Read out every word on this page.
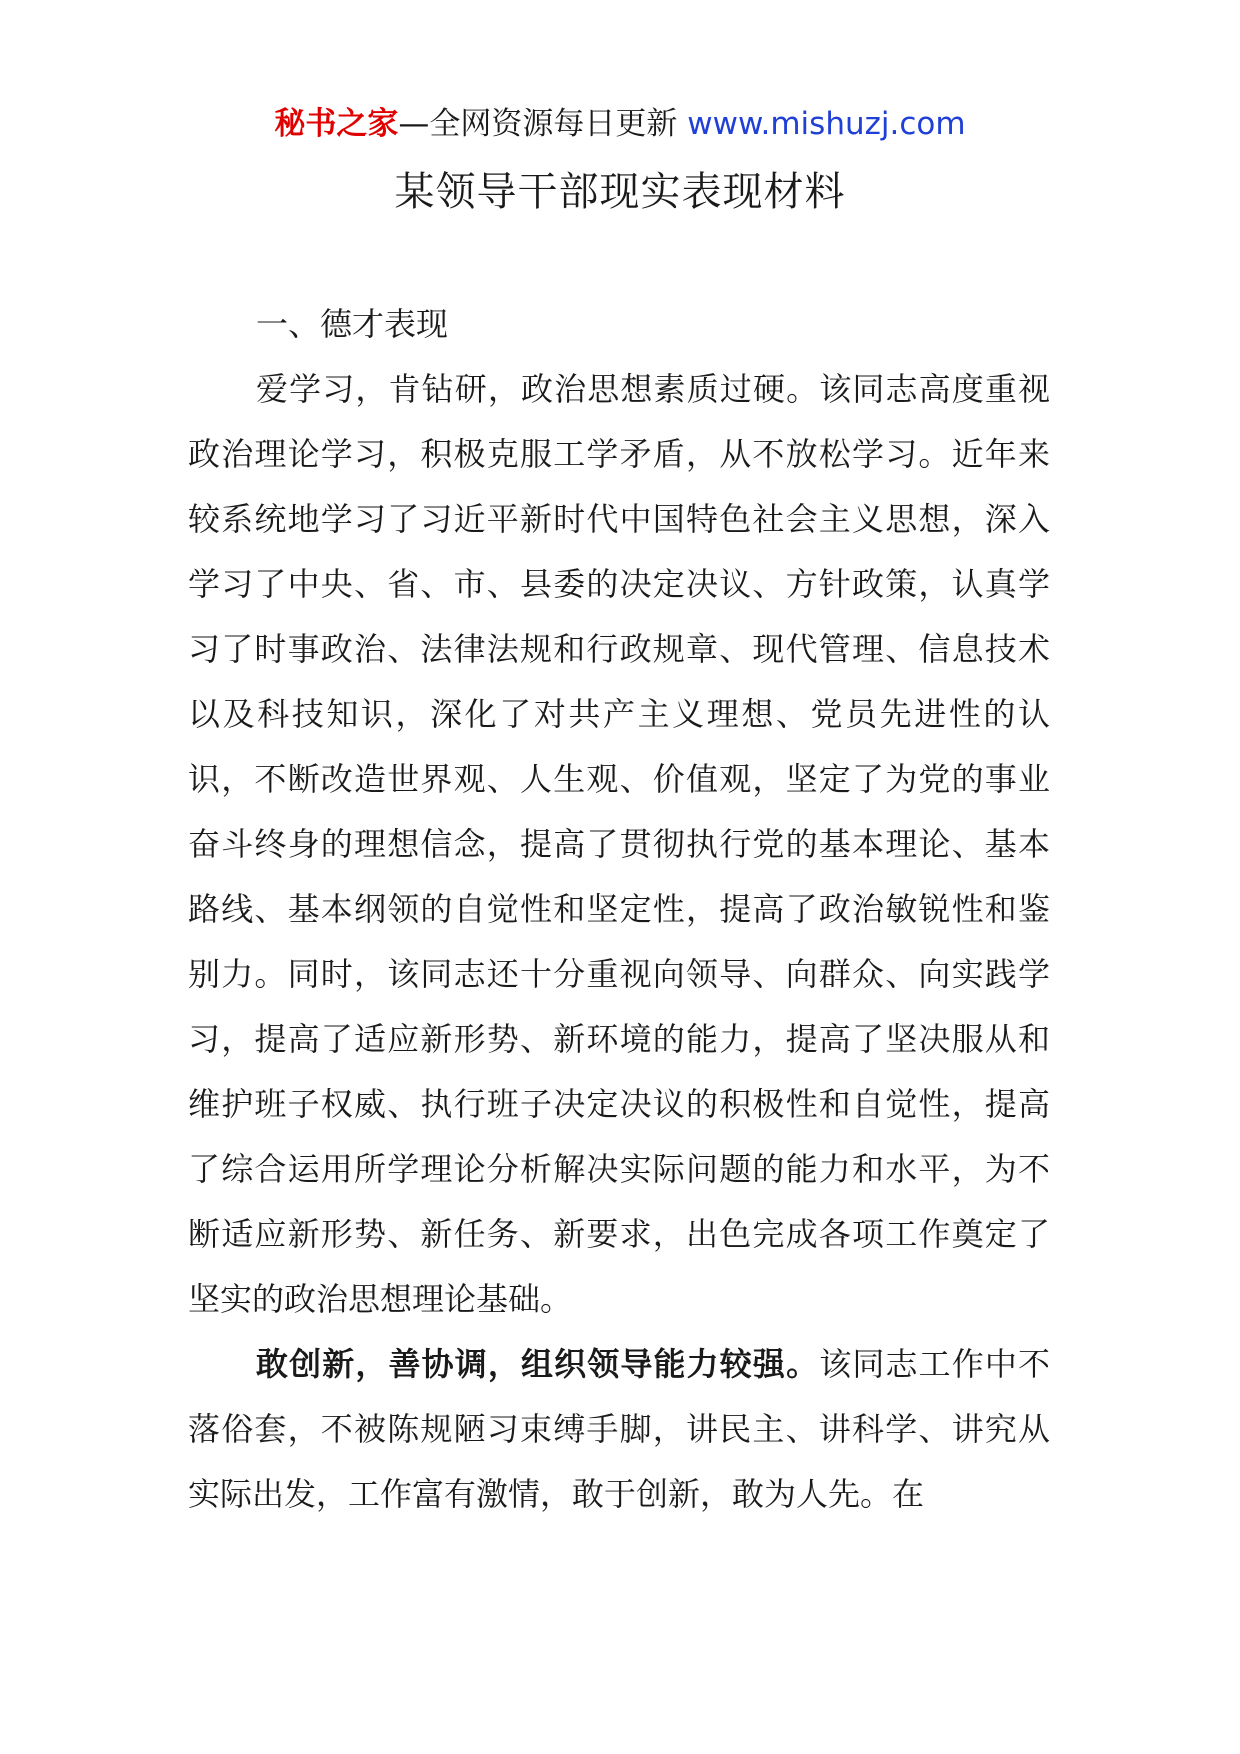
秘书之家—全网资源每日更新 www.mishuzj.com
某领导干部现实表现材料
一、德才表现

爱学习，肯钻研，政治思想素质过硬。该同志高度重视政治理论学习，积极克服工学矛盾，从不放松学习。近年来较系统地学习了习近平新时代中国特色社会主义思想，深入学习了中央、省、市、县委的决定决议、方针政策，认真学习了时事政治、法律法规和行政规章、现代管理、信息技术以及科技知识，深化了对共产主义理想、党员先进性的认识，不断改造世界观、人生观、价值观，坚定了为党的事业奋斗终身的理想信念，提高了贯彻执行党的基本理论、基本路线、基本纲领的自觉性和坚定性，提高了政治敏锐性和鉴别力。同时，该同志还十分重视向领导、向群众、向实践学习，提高了适应新形势、新环境的能力，提高了坚决服从和维护班子权威、执行班子决定决议的积极性和自觉性，提高了综合运用所学理论分析解决实际问题的能力和水平，为不断适应新形势、新任务、新要求，出色完成各项工作奠定了坚实的政治思想理论基础。

敢创新，善协调，组织领导能力较强。该同志工作中不落俗套，不被陈规陋习束缚手脚，讲民主、讲科学、讲究从实际出发，工作富有激情，敢于创新，敢为人先。在
